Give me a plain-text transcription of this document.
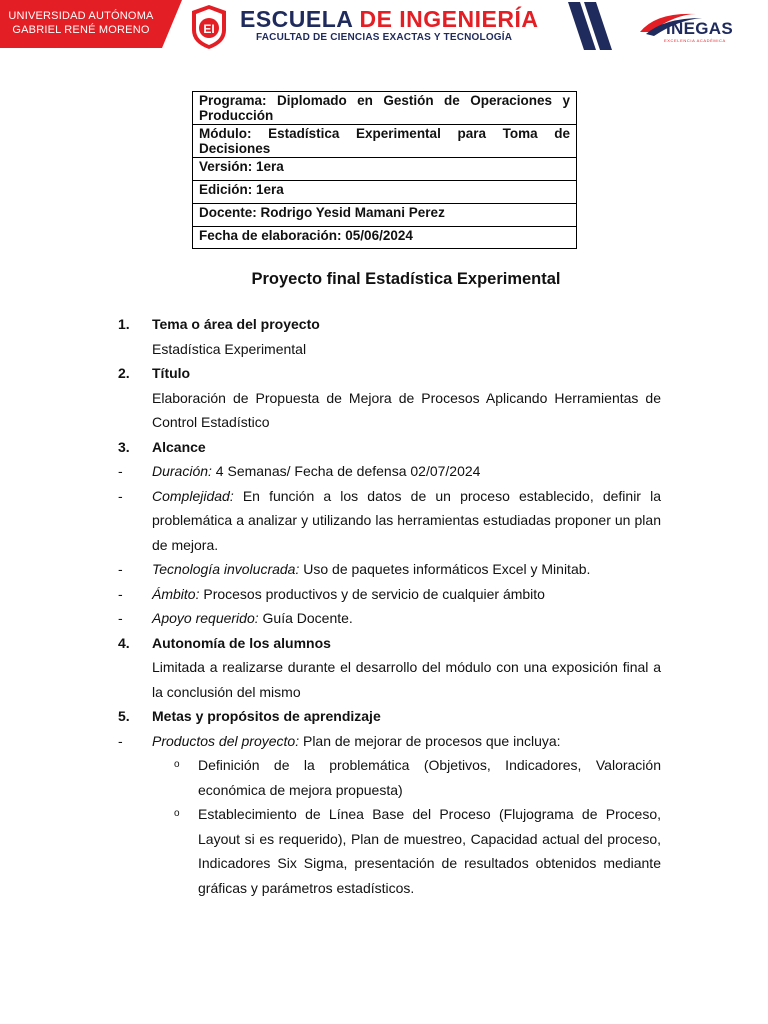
UNIVERSIDAD AUTÓNOMA
GABRIEL RENÉ MORENO	EI ESCUELA DE INGENIERÍA
FACULTAD DE CIENCIAS EXACTAS Y TECNOLOGÍA	INEGAS
EXCELENCIA ACADÉMICA
Programa: Diplomado en Gestión de Operaciones y Producción
Módulo: Estadística Experimental para Toma de Decisiones
Versión: 1era
Edición: 1era
Docente: Rodrigo Yesid Mamani Perez
Fecha de elaboración: 05/06/2024
Proyecto final Estadística Experimental
1. Tema o área del proyecto
Estadística Experimental
2. Título
Elaboración de Propuesta de Mejora de Procesos Aplicando Herramientas de Control Estadístico
3. Alcance
- Duración: 4 Semanas/ Fecha de defensa 02/07/2024
- Complejidad: En función a los datos de un proceso establecido, definir la problemática a analizar y utilizando las herramientas estudiadas proponer un plan de mejora.
- Tecnología involucrada: Uso de paquetes informáticos Excel y Minitab.
- Ámbito: Procesos productivos y de servicio de cualquier ámbito
- Apoyo requerido: Guía Docente.
4. Autonomía de los alumnos
Limitada a realizarse durante el desarrollo del módulo con una exposición final a la conclusión del mismo
5. Metas y propósitos de aprendizaje
- Productos del proyecto: Plan de mejorar de procesos que incluya:
o Definición de la problemática (Objetivos, Indicadores, Valoración económica de mejora propuesta)
o Establecimiento de Línea Base del Proceso (Flujograma de Proceso, Layout si es requerido), Plan de muestreo, Capacidad actual del proceso, Indicadores Six Sigma, presentación de resultados obtenidos mediante gráficas y parámetros estadísticos.
